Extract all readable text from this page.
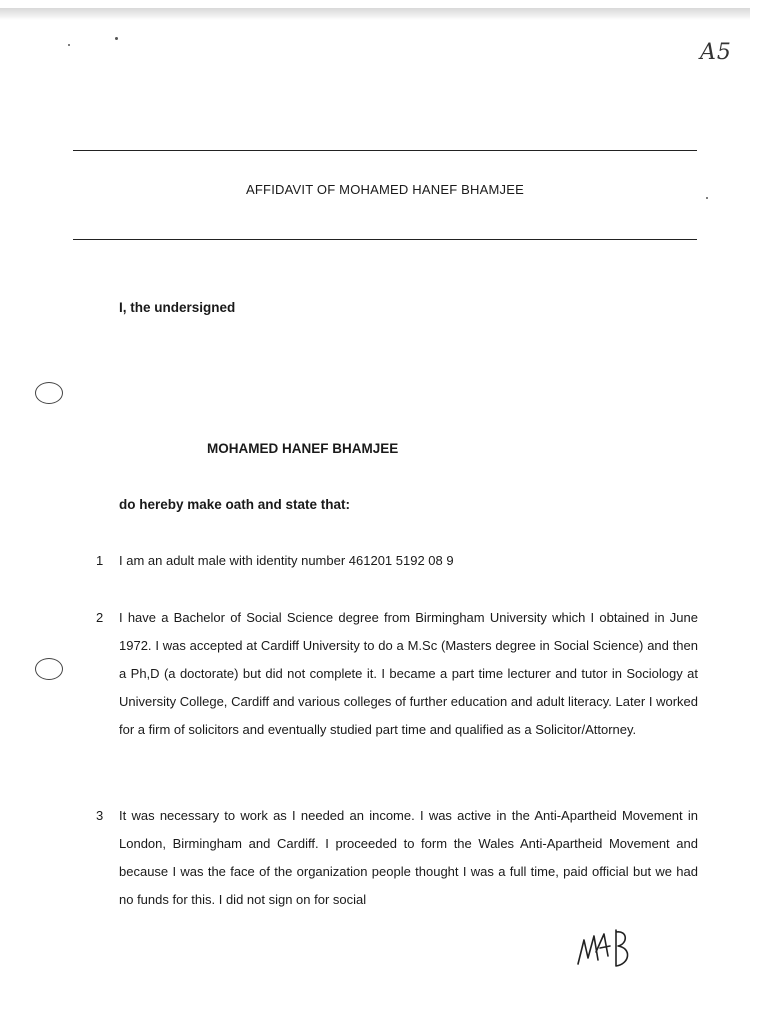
A5
AFFIDAVIT OF MOHAMED HANEF BHAMJEE
I, the undersigned
MOHAMED HANEF BHAMJEE
do hereby make oath and state that:
1 I am an adult male with identity number 461201 5192 08 9
2 I have a Bachelor of Social Science degree from Birmingham University which I obtained in June 1972. I was accepted at Cardiff University to do a M.Sc (Masters degree in Social Science) and then a Ph,D (a doctorate) but did not complete it. I became a part time lecturer and tutor in Sociology at University College, Cardiff and various colleges of further education and adult literacy. Later I worked for a firm of solicitors and eventually studied part time and qualified as a Solicitor/Attorney.
3 It was necessary to work as I needed an income. I was active in the Anti-Apartheid Movement in London, Birmingham and Cardiff. I proceeded to form the Wales Anti-Apartheid Movement and because I was the face of the organization people thought I was a full time, paid official but we had no funds for this. I did not sign on for social
